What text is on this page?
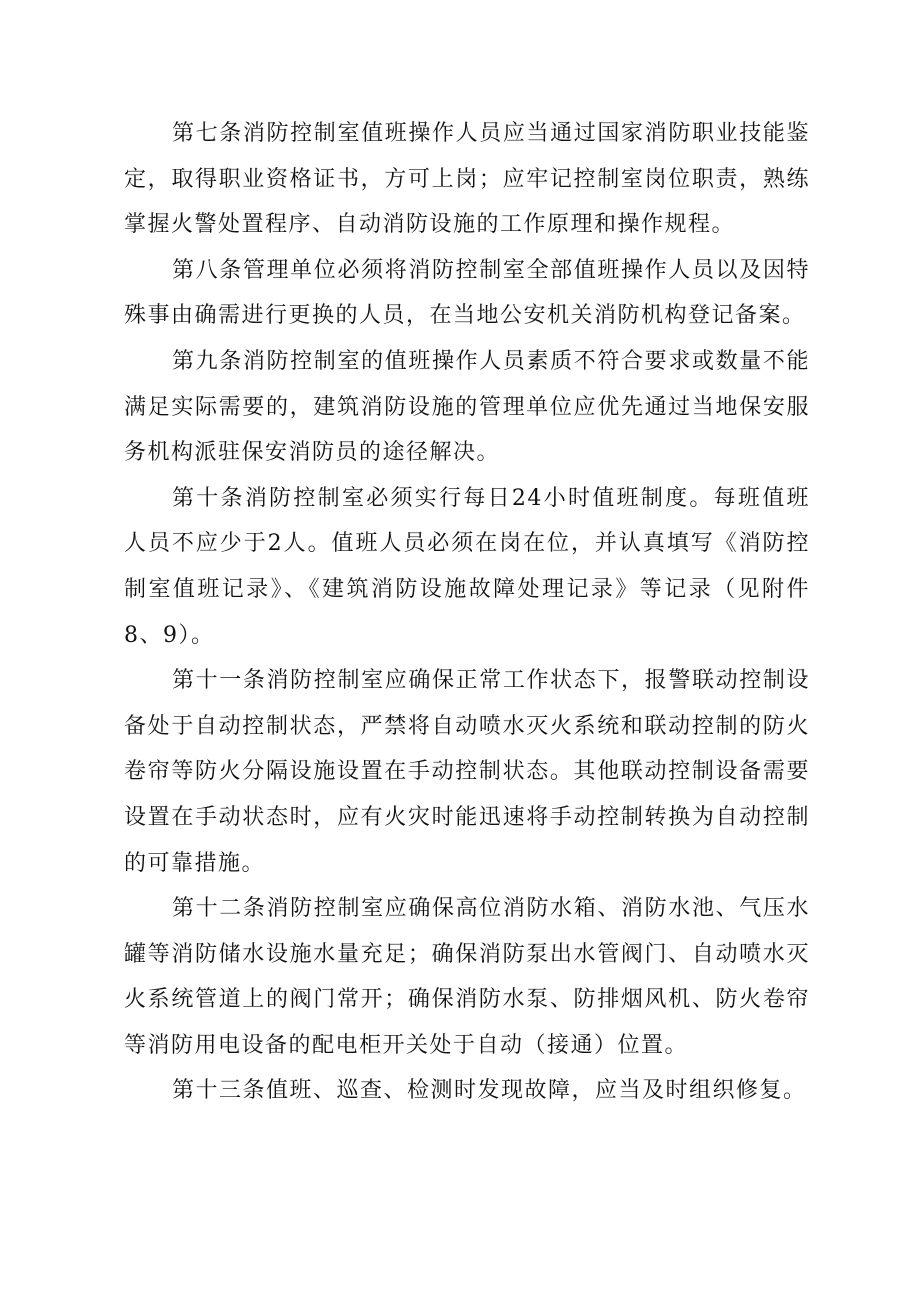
第七条消防控制室值班操作人员应当通过国家消防职业技能鉴定，取得职业资格证书，方可上岗；应牢记控制室岗位职责，熟练掌握火警处置程序、自动消防设施的工作原理和操作规程。

第八条管理单位必须将消防控制室全部值班操作人员以及因特殊事由确需进行更换的人员，在当地公安机关消防机构登记备案。

第九条消防控制室的值班操作人员素质不符合要求或数量不能满足实际需要的，建筑消防设施的管理单位应优先通过当地保安服务机构派驻保安消防员的途径解决。

第十条消防控制室必须实行每日24小时值班制度。每班值班人员不应少于2人。值班人员必须在岗在位，并认真填写《消防控制室值班记录》、《建筑消防设施故障处理记录》等记录（见附件8、9）。

第十一条消防控制室应确保正常工作状态下，报警联动控制设备处于自动控制状态，严禁将自动喷水灭火系统和联动控制的防火卷帘等防火分隔设施设置在手动控制状态。其他联动控制设备需要设置在手动状态时，应有火灾时能迅速将手动控制转换为自动控制的可靠措施。

第十二条消防控制室应确保高位消防水箱、消防水池、气压水罐等消防储水设施水量充足；确保消防泵出水管阀门、自动喷水灭火系统管道上的阀门常开；确保消防水泵、防排烟风机、防火卷帘等消防用电设备的配电柜开关处于自动（接通）位置。

第十三条值班、巡查、检测时发现故障，应当及时组织修复。
